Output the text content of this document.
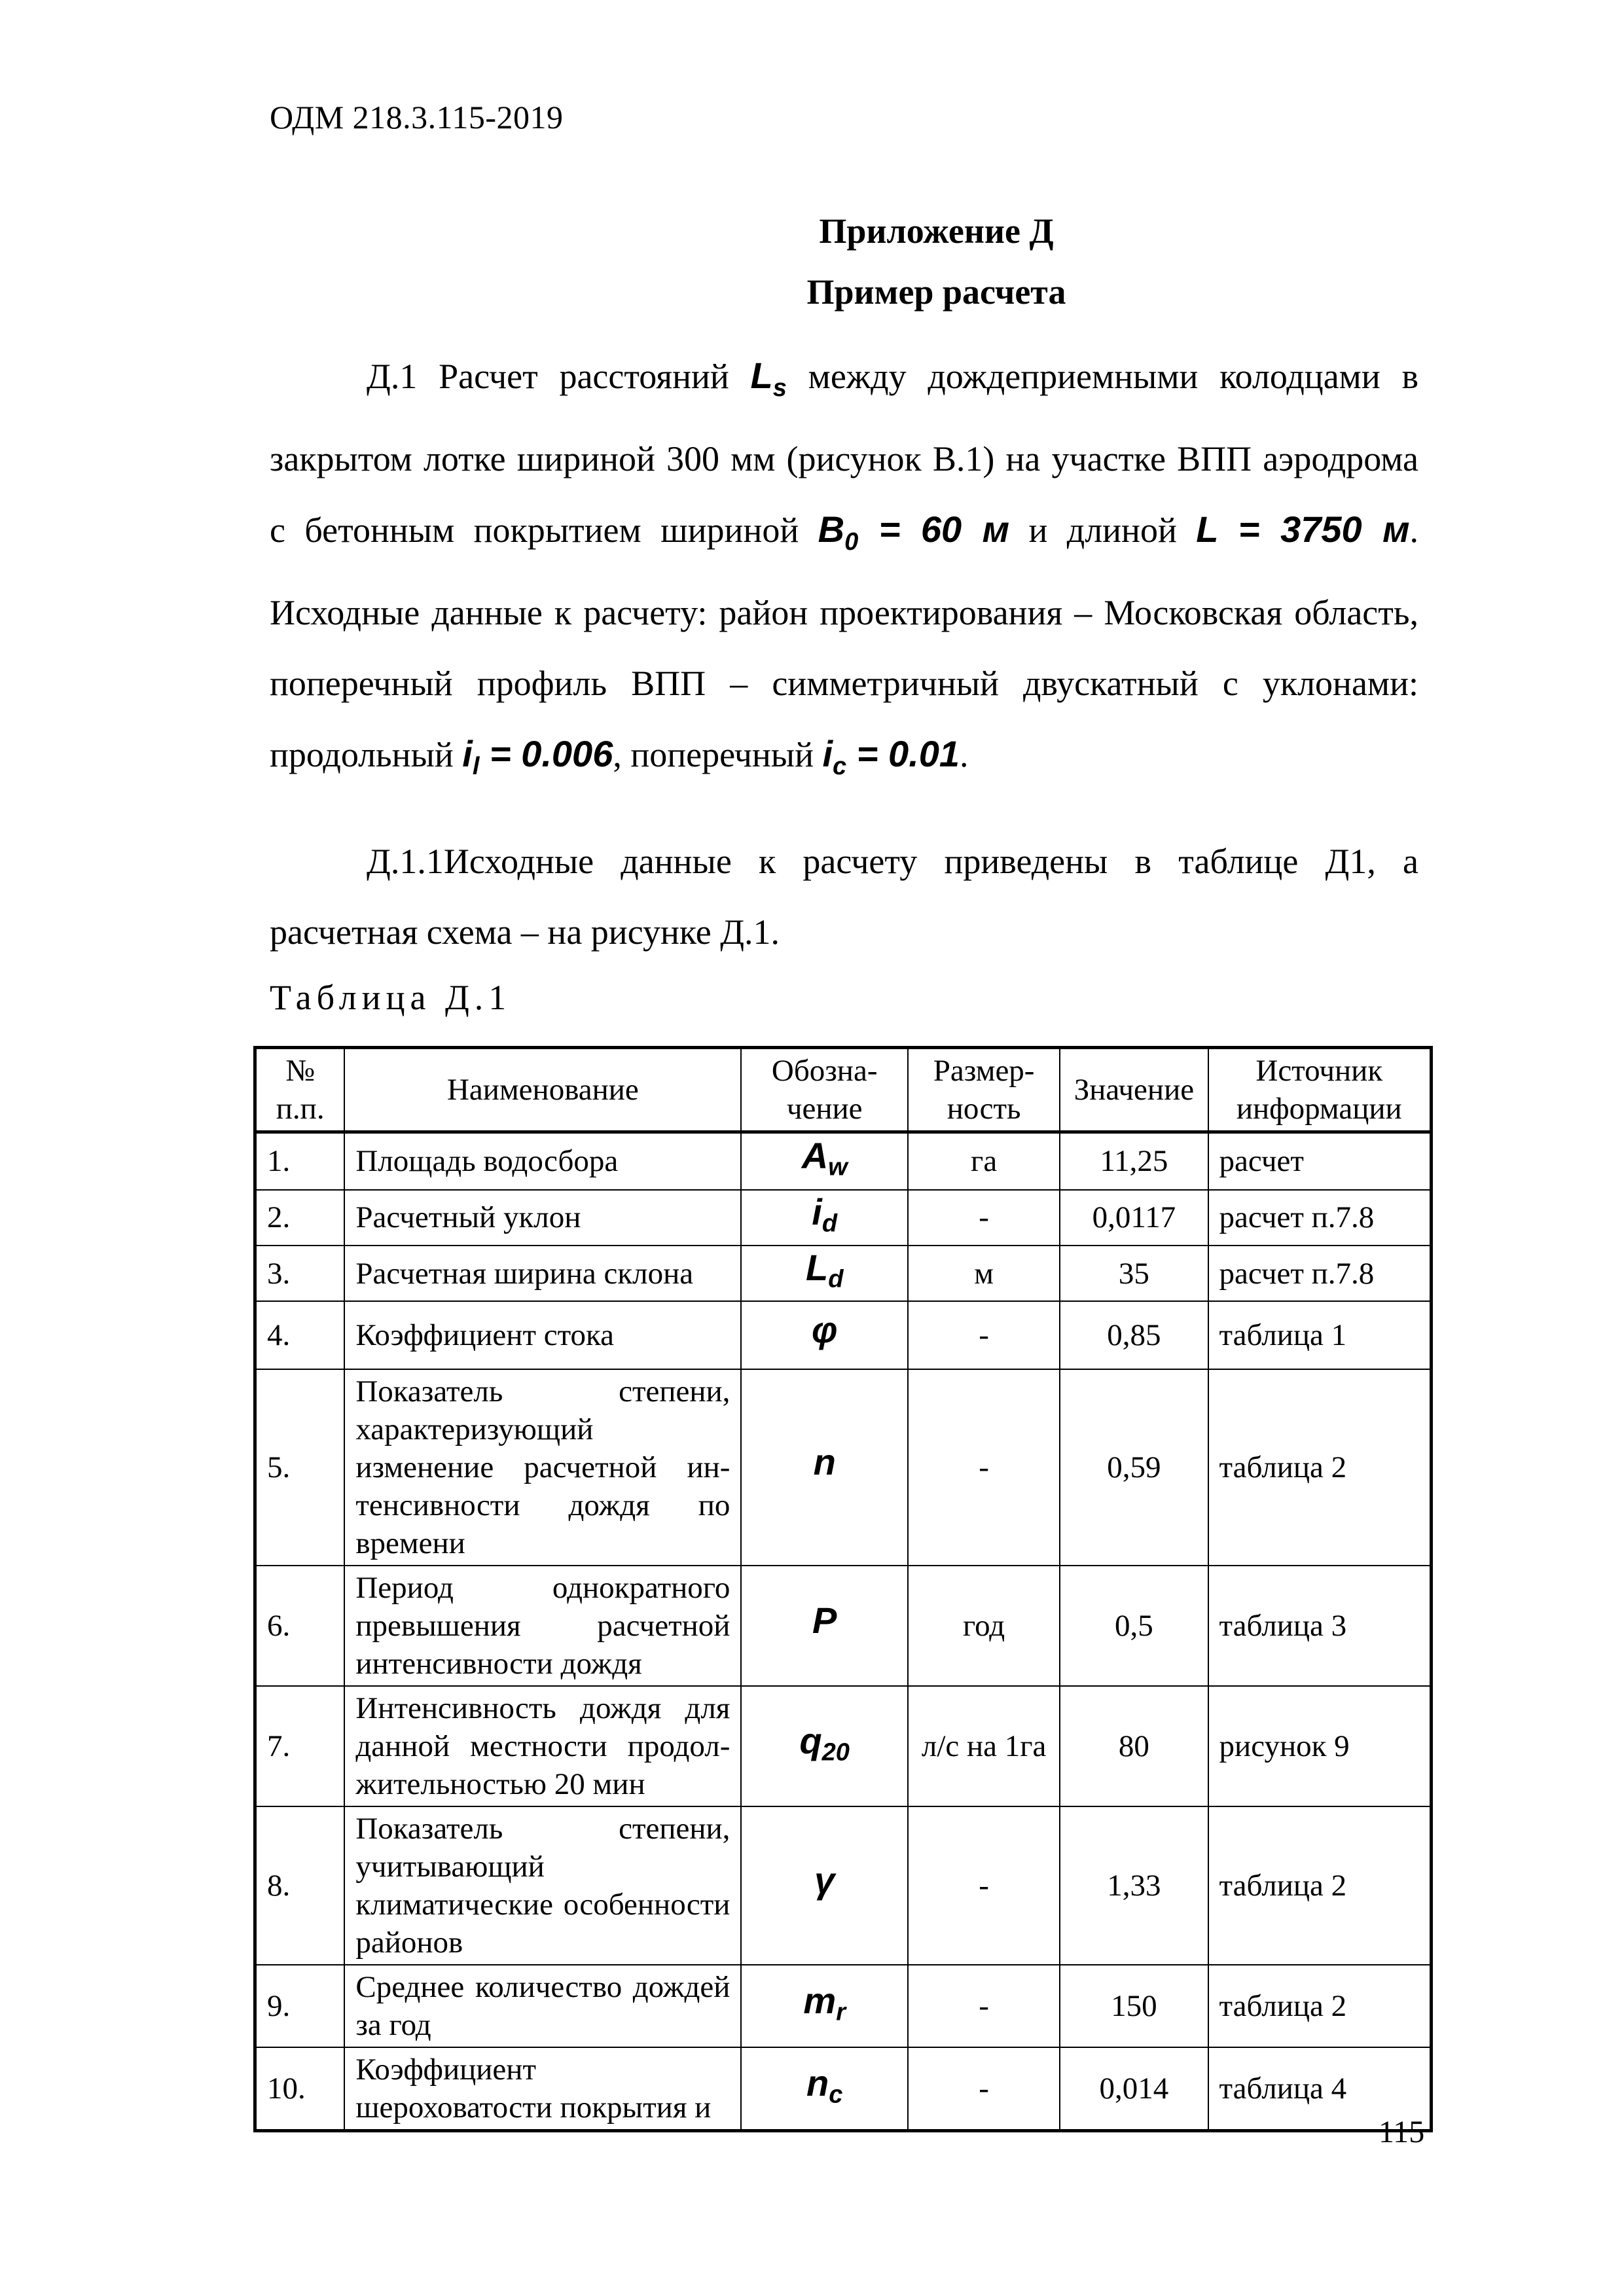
ОДМ 218.3.115-2019
Приложение Д
Пример расчета
Д.1 Расчет расстояний $L_s$ между дождеприемными колодцами в закрытом лотке шириной 300 мм (рисунок В.1) на участке ВПП аэродрома с бетонным покрытием шириной $B_0 = 60$ м и длиной L = 3750 м. Исходные данные к расчету: район проектирования – Московская область, поперечный профиль ВПП – симметричный двускатный с уклонами: продольный $i_l = 0.006$, поперечный $i_c = 0.01$.
Д.1.1Исходные данные к расчету приведены в таблице Д1, а расчетная схема – на рисунке Д.1.
Таблица Д.1
№ п.п.	Наименование	Обозна- чение	Размер- ность	Значение	Источник информации
1.	Площадь водосбора	$A_w$	га	11,25	расчет
2.	Расчетный уклон	$i_d$	-	0,0117	расчет п.7.8
3.	Расчетная ширина склона	$L_d$	м	35	расчет п.7.8
4.	Коэффициент стока	φ	-	0,85	таблица 1
5.	Показатель степени, характеризующий изменение расчетной ин- тенсивности дождя по времени	n	-	0,59	таблица 2
6.	Период однократного превышения расчетной интенсивности дождя	P	год	0,5	таблица 3
7.	Интенсивность дождя для данной местности продол- жительностью 20 мин	$q_{20}$	л/с на 1га	80	рисунок 9
8.	Показатель степени, учитывающий климатические особенности районов	γ	-	1,33	таблица 2
9.	Среднее количество дождей за год	$m_r$	-	150	таблица 2
10.	Коэффициент шероховатости покрытия и	$n_c$	-	0,014	таблица 4
115
